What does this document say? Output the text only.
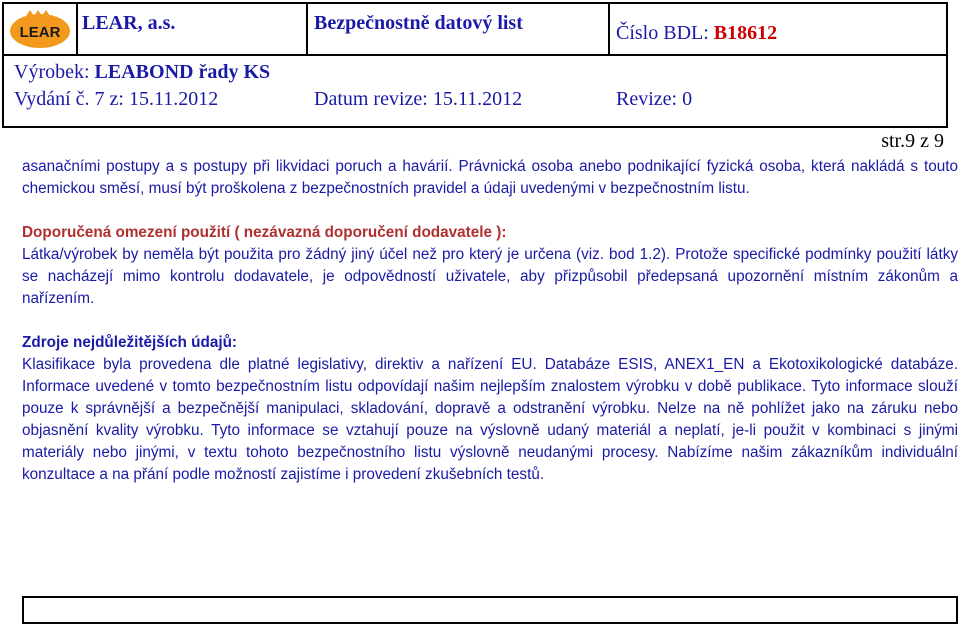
LEAR LEAR, a.s.	Bezpečnostně datový list	Číslo BDL: B18612
Výrobek: LEABOND řady KS
Vydání č. 7 z: 15.11.2012	Datum revize: 15.11.2012	Revize: 0
str.9 z 9

asanačními postupy a s postupy při likvidaci poruch a havárií. Právnická osoba anebo podnikající fyzická osoba, která nakládá s touto chemickou směsí, musí být proškolena z bezpečnostních pravidel a údaji uvedenými v bezpečnostním listu.

Doporučená omezení použití ( nezávazná doporučení dodavatele ):

Látka/výrobek by neměla být použita pro žádný jiný účel než pro který je určena (viz. bod 1.2). Protože specifické podmínky použití látky se nacházejí mimo kontrolu dodavatele, je odpovědností uživatele, aby přizpůsobil předepsaná upozornění místním zákonům a nařízením.

Zdroje nejdůležitějších údajů:

Klasifikace byla provedena dle platné legislativy, direktiv a nařízení EU. Databáze ESIS, ANEX1_EN a Ekotoxikologické databáze. Informace uvedené v tomto bezpečnostním listu odpovídají našim nejlepším znalostem výrobku v době publikace. Tyto informace slouží pouze k správnější a bezpečnější manipulaci, skladování, dopravě a odstranění výrobku. Nelze na ně pohlížet jako na záruku nebo objasnění kvality výrobku. Tyto informace se vztahují pouze na výslovně udaný materiál a neplatí, je-li použit v kombinaci s jinými materiály nebo jinými, v textu tohoto bezpečnostního listu výslovně neudanými procesy. Nabízíme našim zákazníkům individuální konzultace a na přání podle možností zajistíme i provedení zkušebních testů.
